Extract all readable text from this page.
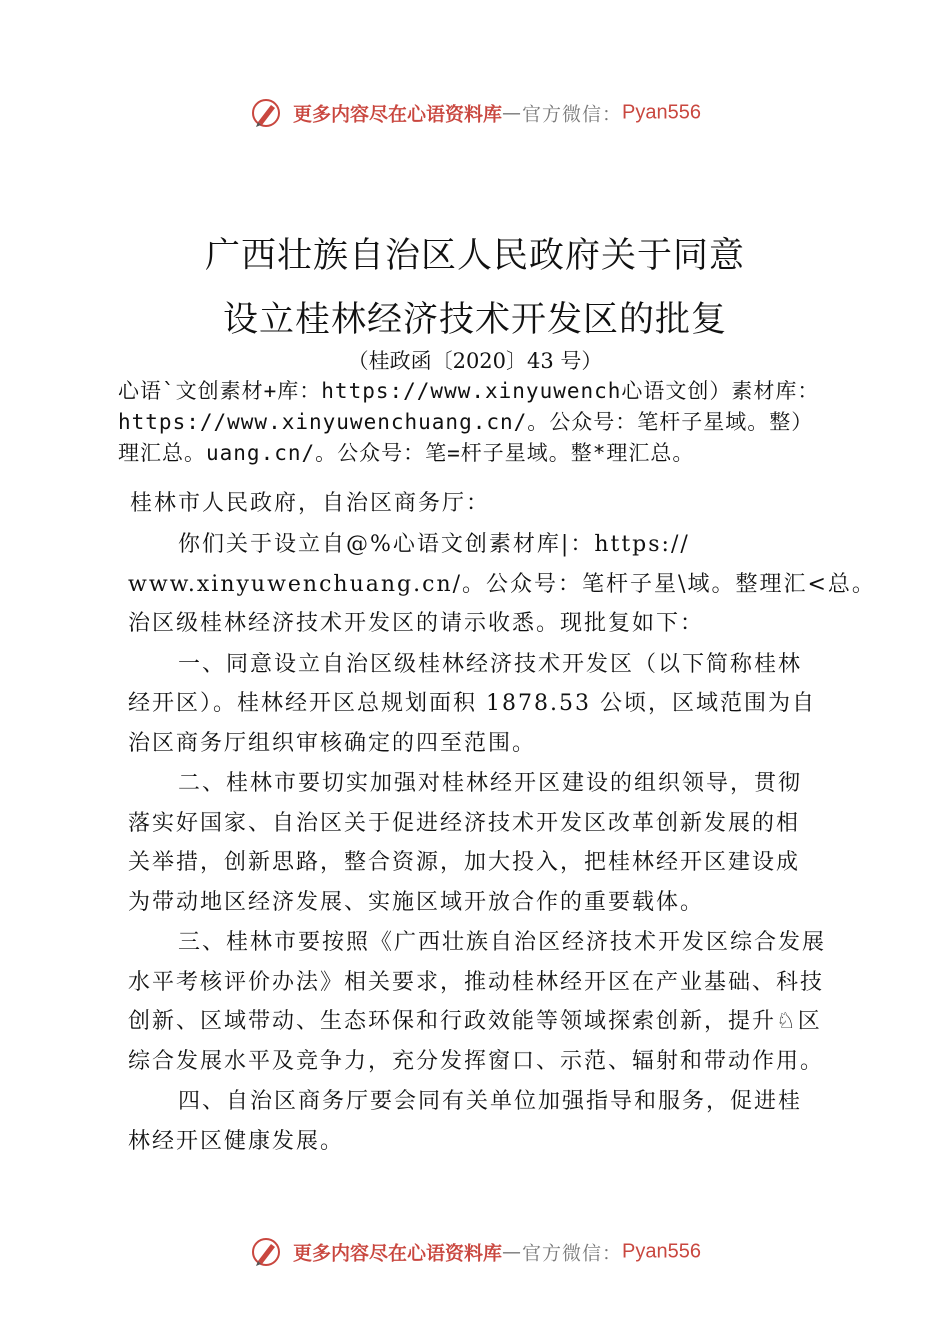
更多内容尽在心语资料库—官方微信：Pyan556
广西壮族自治区人民政府关于同意
设立桂林经济技术开发区的批复
（桂政函〔2020〕43 号）
心语`文创素材+库：https://www.xinyuwench心语文创）素材库：
https://www.xinyuwenchuang.cn/。公众号：笔杆子星域。整）
理汇总。uang.cn/。公众号：笔=杆子星域。整*理汇总。
桂林市人民政府，自治区商务厅：
你们关于设立自@%心语文创素材库|：https://
www.xinyuwenchuang.cn/。公众号：笔杆子星\域。整理汇<总。
治区级桂林经济技术开发区的请示收悉。现批复如下：
一、同意设立自治区级桂林经济技术开发区（以下简称桂林
经开区）。桂林经开区总规划面积 1878.53 公顷，区域范围为自
治区商务厅组织审核确定的四至范围。
二、桂林市要切实加强对桂林经开区建设的组织领导，贯彻
落实好国家、自治区关于促进经济技术开发区改革创新发展的相
关举措，创新思路，整合资源，加大投入，把桂林经开区建设成
为带动地区经济发展、实施区域开放合作的重要载体。
三、桂林市要按照《广西壮族自治区经济技术开发区综合发展
水平考核评价办法》相关要求，推动桂林经开区在产业基础、科技
创新、区域带动、生态环保和行政效能等领域探索创新，提升♘区
综合发展水平及竞争力，充分发挥窗口、示范、辐射和带动作用。
四、自治区商务厅要会同有关单位加强指导和服务，促进桂
林经开区健康发展。
更多内容尽在心语资料库—官方微信：Pyan556
